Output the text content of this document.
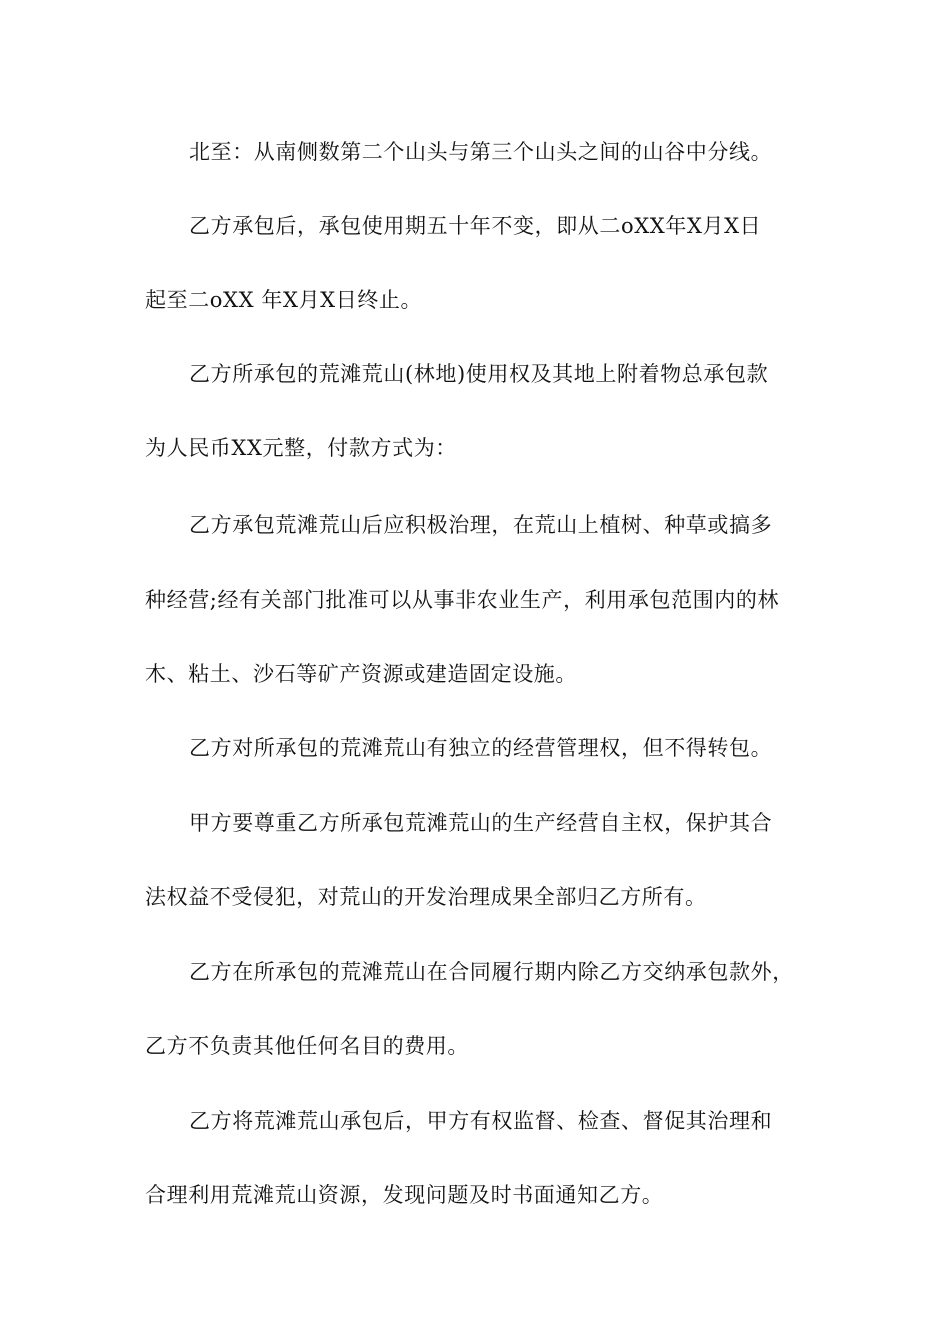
北至：从南侧数第二个山头与第三个山头之间的山谷中分线。
乙方承包后，承包使用期五十年不变，即从二oXX年X月X日
起至二oXX 年X月X日终止。
乙方所承包的荒滩荒山(林地)使用权及其地上附着物总承包款
为人民币XX元整，付款方式为：
乙方承包荒滩荒山后应积极治理，在荒山上植树、种草或搞多
种经营;经有关部门批准可以从事非农业生产，利用承包范围内的林
木、粘土、沙石等矿产资源或建造固定设施。
乙方对所承包的荒滩荒山有独立的经营管理权，但不得转包。
甲方要尊重乙方所承包荒滩荒山的生产经营自主权，保护其合
法权益不受侵犯，对荒山的开发治理成果全部归乙方所有。
乙方在所承包的荒滩荒山在合同履行期内除乙方交纳承包款外，
乙方不负责其他任何名目的费用。
乙方将荒滩荒山承包后，甲方有权监督、检查、督促其治理和
合理利用荒滩荒山资源，发现问题及时书面通知乙方。
